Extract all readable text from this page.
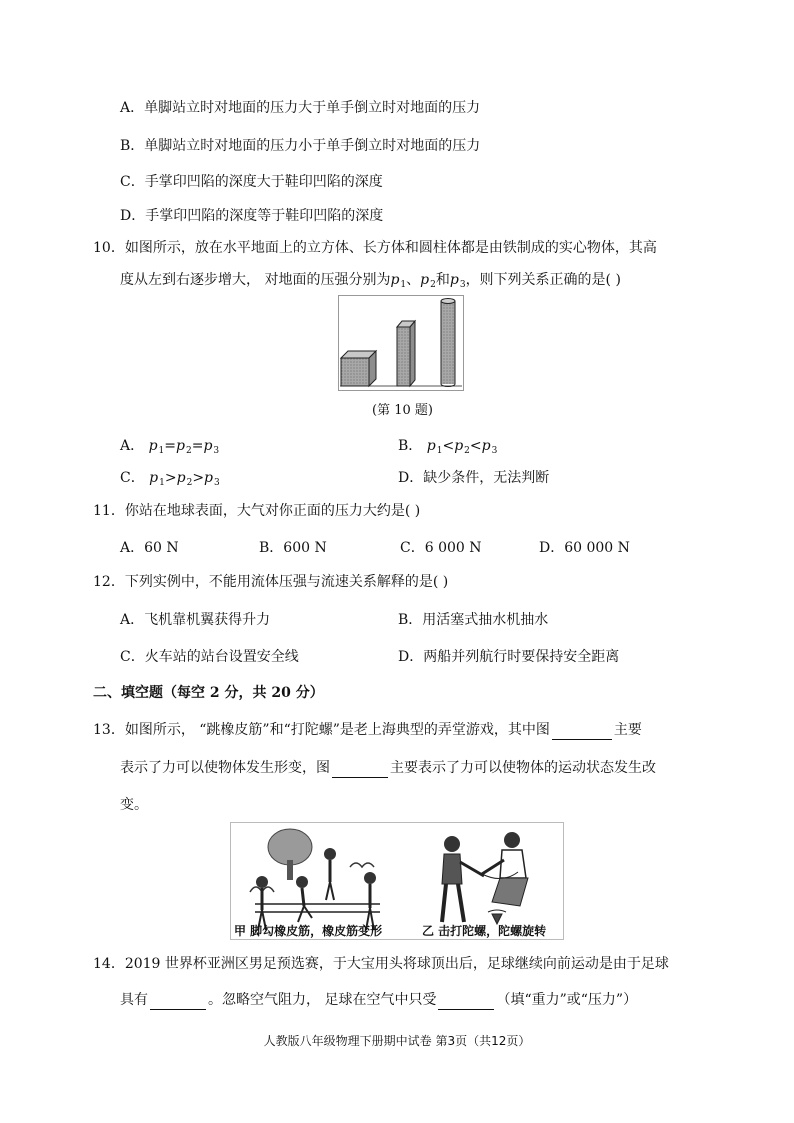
A．单脚站立时对地面的压力大于单手倒立时对地面的压力
B．单脚站立时对地面的压力小于单手倒立时对地面的压力
C．手掌印凹陷的深度大于鞋印凹陷的深度
D．手掌印凹陷的深度等于鞋印凹陷的深度
10．如图所示，放在水平地面上的立方体、长方体和圆柱体都是由铁制成的实心物体，其高
度从左到右逐步增大， 对地面的压强分别为$p_1$、$p_2$和$p_3$，则下列关系正确的是( )
(第 10 题)
A． $p_1=p_2=p_3$	B． $p_1<p_2<p_3$
C． $p_1>p_2>p_3$	D．缺少条件，无法判断
11．你站在地球表面，大气对你正面的压力大约是( )
A．60 N	B．600 N	C．6 000 N	D．60 000 N
12．下列实例中，不能用流体压强与流速关系解释的是( )
A．飞机靠机翼获得升力	B．用活塞式抽水机抽水
C．火车站的站台设置安全线	D．两船并列航行时要保持安全距离
二、填空题（每空 2 分，共 20 分）
13．如图所示， “跳橡皮筋”和“打陀螺”是老上海典型的弄堂游戏，其中图	主要
表示了力可以使物体发生形变，图	主要表示了力可以使物体的运动状态发生改
变。
甲 脚勾橡皮筋，橡皮筋变形	乙 击打陀螺，陀螺旋转
14．2019 世界杯亚洲区男足预选赛，于大宝用头将球顶出后，足球继续向前运动是由于足球
具有	。忽略空气阻力， 足球在空气中只受	（填“重力”或“压力”）
人教版八年级物理下册期中试卷 第3页（共12页）
